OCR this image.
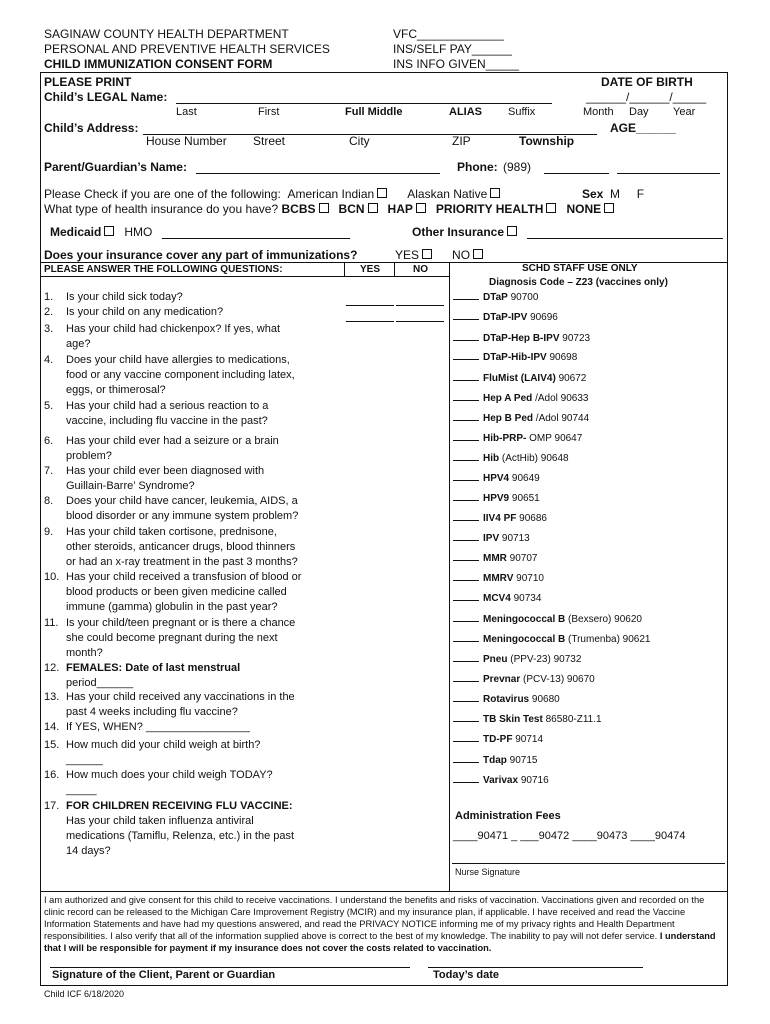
SAGINAW COUNTY HEALTH DEPARTMENT
PERSONAL AND PREVENTIVE HEALTH SERVICES
CHILD IMMUNIZATION CONSENT FORM
VFC_____________
INS/SELF PAY______
INS INFO GIVEN_____
PLEASE PRINT	DATE OF BIRTH
Child’s LEGAL Name:	______/______/_____
Last	First	Full Middle	ALIAS Suffix	Month Day Year
Child’s Address:	AGE______
House Number Street	City	ZIP	Township
Parent/Guardian’s Name:	Phone: (989)
Please Check if you are one of the following: American Indian	Alaskan Native	Sex M F
What type of health insurance do you have? BCBS BCN HAP PRIORITY HEALTH NONE
Medicaid HMO	Other Insurance
Does your insurance cover any part of immunizations?	YES	NO
PLEASE ANSWER THE FOLLOWING QUESTIONS:	YES	NO	SCHD STAFF USE ONLY
Diagnosis Code – Z23 (vaccines only)
1. Is your child sick today?
2. Is your child on any medication?
3. Has your child had chickenpox? If yes, what
age?
4. Does your child have allergies to medications,
food or any vaccine component including latex,
eggs, or thimerosal?
5. Has your child had a serious reaction to a
vaccine, including flu vaccine in the past?
6. Has your child ever had a seizure or a brain
problem?
7. Has your child ever been diagnosed with
Guillain-Barre’ Syndrome?
8. Does your child have cancer, leukemia, AIDS, a
blood disorder or any immune system problem?
9. Has your child taken cortisone, prednisone,
other steroids, anticancer drugs, blood thinners
or had an x-ray treatment in the past 3 months?
10. Has your child received a transfusion of blood or
blood products or been given medicine called
immune (gamma) globulin in the past year?
11. Is your child/teen pregnant or is there a chance
she could become pregnant during the next
month?
12. FEMALES: Date of last menstrual
period______
13. Has your child received any vaccinations in the
past 4 weeks including flu vaccine?
14. If YES, WHEN? _________________
15. How much did your child weigh at birth?
______
16. How much does your child weigh TODAY?
_____
17. FOR CHILDREN RECEIVING FLU VACCINE:
Has your child taken influenza antiviral
medications (Tamiflu, Relenza, etc.) in the past
14 days?
DTaP 90700
DTaP-IPV 90696
DTaP-Hep B-IPV 90723
DTaP-Hib-IPV 90698
FluMist (LAIV4) 90672
Hep A Ped /Adol 90633
Hep B Ped /Adol 90744
Hib-PRP- OMP 90647
Hib (ActHib) 90648
HPV4 90649
HPV9 90651
IIV4 PF 90686
IPV 90713
MMR 90707
MMRV 90710
MCV4 90734
Meningococcal B (Bexsero) 90620
Meningococcal B (Trumenba) 90621
Pneu (PPV-23) 90732
Prevnar (PCV-13) 90670
Rotavirus 90680
TB Skin Test 86580-Z11.1
TD-PF 90714
Tdap 90715
Varivax 90716
Administration Fees
____90471 _ ___90472 ____90473 ____90474
Nurse Signature
I am authorized and give consent for this child to receive vaccinations. I understand the benefits and risks of vaccination. Vaccinations given and recorded on the clinic record can be released to the Michigan Care Improvement Registry (MCIR) and my insurance plan, if applicable. I have received and read the Vaccine Information Statements and have had my questions answered, and read the PRIVACY NOTICE informing me of my privacy rights and Health Department responsibilities. I also verify that all of the information supplied above is correct to the best of my knowledge. The inability to pay will not defer service. I understand that I will be responsible for payment if my insurance does not cover the costs related to vaccination.
Signature of the Client, Parent or Guardian	Today’s date
Child ICF 6/18/2020
